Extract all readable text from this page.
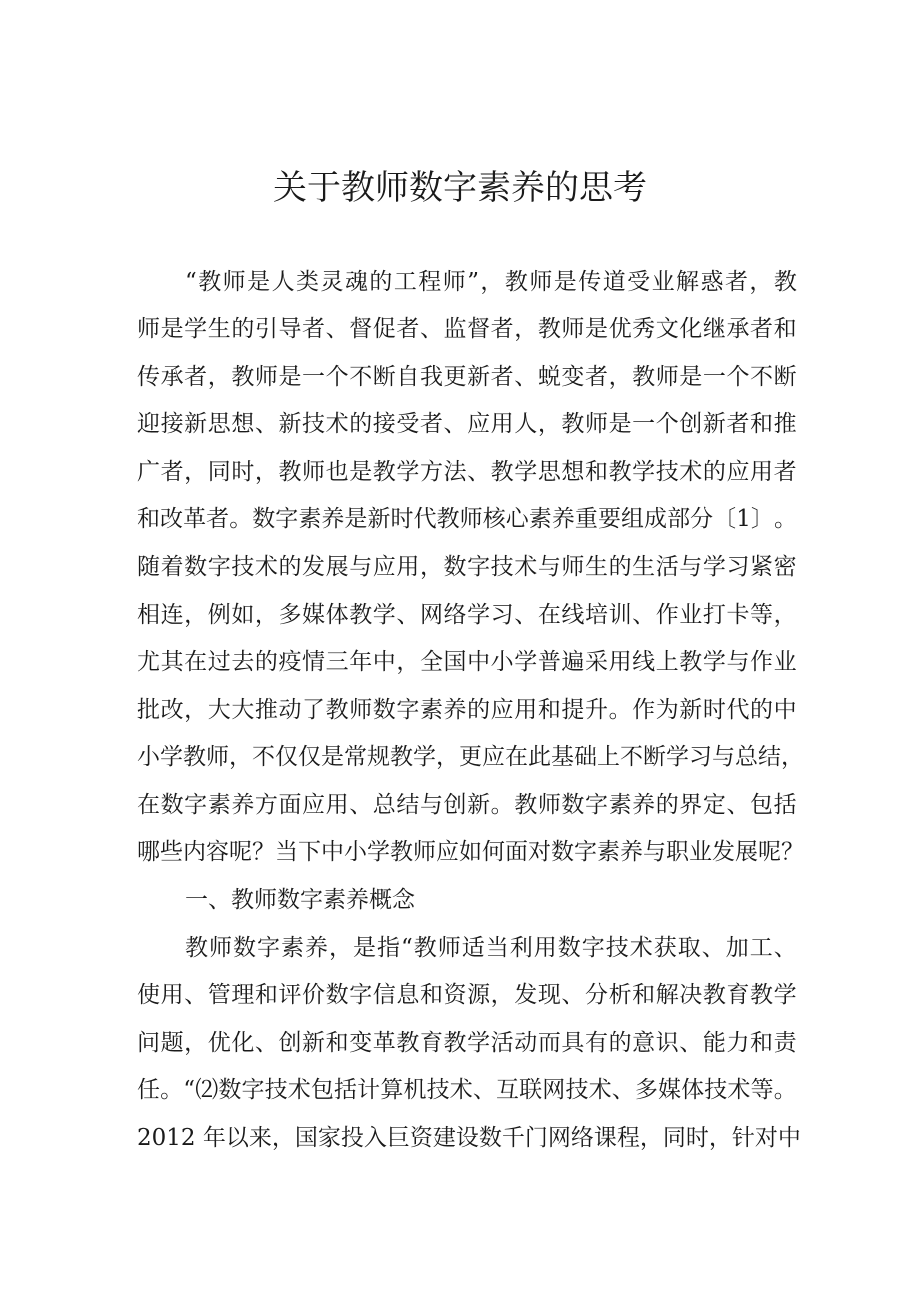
关于教师数字素养的思考
“ 教 师 是 人 类 灵 魂 的 工 程 师 ” ， 教 师 是 传 道 受 业 解 惑 者 ， 教
师 是 学 生 的 引 导 者 、 督 促 者 、 监 督 者 ， 教 师 是 优 秀 文 化 继 承 者 和
传 承 者 ， 教 师 是 一 个 不 断 自 我 更 新 者 、 蜕 变 者 ， 教 师 是 一 个 不 断
迎 接 新 思 想 、 新 技 术 的 接 受 者 、 应 用 人 ， 教 师 是 一 个 创 新 者 和 推
广 者 ， 同 时 ， 教 师 也 是 教 学 方 法 、 教 学 思 想 和 教 学 技 术 的 应 用 者
和 改 革 者 。 数 字 素 养 是 新 时 代 教 师 核 心 素 养 重 要 组 成 部 分 〔 1 〕 。
随 着 数 字 技 术 的 发 展 与 应 用 ， 数 字 技 术 与 师 生 的 生 活 与 学 习 紧 密
相 连 ， 例 如 ， 多 媒 体 教 学 、 网 络 学 习 、 在 线 培 训 、 作 业 打 卡 等 ，
尤 其 在 过 去 的 疫 情 三 年 中 ， 全 国 中 小 学 普 遍 采 用 线 上 教 学 与 作 业
批 改 ， 大 大 推 动 了 教 师 数 字 素 养 的 应 用 和 提 升 。 作 为 新 时 代 的 中
小 学 教 师 ， 不 仅 仅 是 常 规 教 学 ， 更 应 在 此 基 础 上 不 断 学 习 与 总 结 ，
在 数 字 素 养 方 面 应 用 、 总 结 与 创 新 。 教 师 数 字 素 养 的 界 定 、 包 括
哪 些 内 容 呢 ？ 当 下 中 小 学 教 师 应 如 何 面 对 数 字 素 养 与 职 业 发 展 呢 ？
一、教师数字素养概念
教 师 数 字 素 养 ， 是 指 “ 教 师 适 当 利 用 数 字 技 术 获 取 、 加 工 、
使 用 、 管 理 和 评 价 数 字 信 息 和 资 源 ， 发 现 、 分 析 和 解 决 教 育 教 学
问 题 ， 优 化 、 创 新 和 变 革 教 育 教 学 活 动 而 具 有 的 意 识 、 能 力 和 责
任 。 “ ⑵ 数 字 技 术 包 括 计 算 机 技 术 、 互 联 网 技 术 、 多 媒 体 技 术 等 。
2012 年以来，国家投入巨资建设数千门网络课程，同时，针对中
